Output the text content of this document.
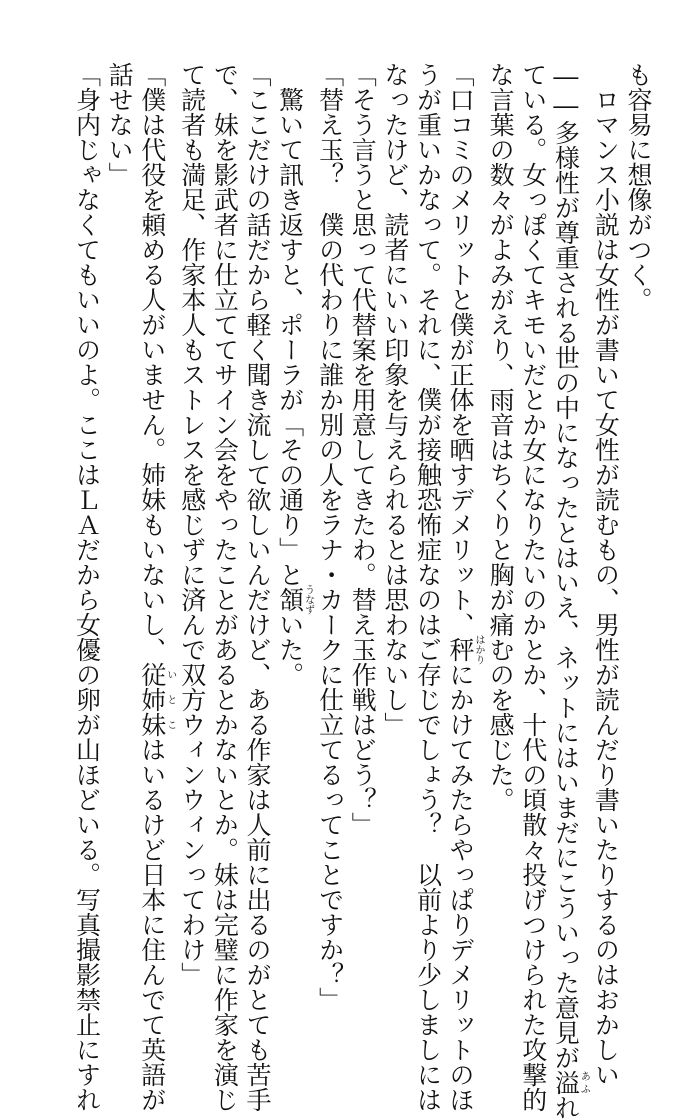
も容易に想像がつく。
　ロマンス小説は女性が書いて女性が読むもの、男性が読んだり書いたりするのはおかしい
――多様性が尊重される世の中になったとはいえ、ネットにはいまだにこういった意見が溢あふれ
ている。女っぽくてキモいだとか女になりたいのかとか、十代の頃散々投げつけられた攻撃的
な言葉の数々がよみがえり、雨音はちくりと胸が痛むのを感じた。
「口コミのメリットと僕が正体を晒すデメリット、秤はかりにかけてみたらやっぱりデメリットのほ
うが重いかなって。それに、僕が接触恐怖症なのはご存じでしょう？　以前より少しましには
なったけど、読者にいい印象を与えられるとは思わないし」
「そう言うと思って代替案を用意してきたわ。替え玉作戦はどう？」
「替え玉？　僕の代わりに誰か別の人をラナ・カークに仕立てるってことですか？」
　驚いて訊き返すと、ポーラが「その通り」と頷うなずいた。
「ここだけの話だから軽く聞き流して欲しいんだけど、ある作家は人前に出るのがとても苦手
で、妹を影武者に仕立ててサイン会をやったことがあるとかないとか。妹は完璧に作家を演じ
て読者も満足、作家本人もストレスを感じずに済んで双方ウィンウィンってわけ」
「僕は代役を頼める人がいません。姉妹もいないし、従姉妹いとこはいるけど日本に住んでて英語が
話せない」
「身内じゃなくてもいいのよ。ここはＬＡだから女優の卵が山ほどいる。写真撮影禁止にすれ
